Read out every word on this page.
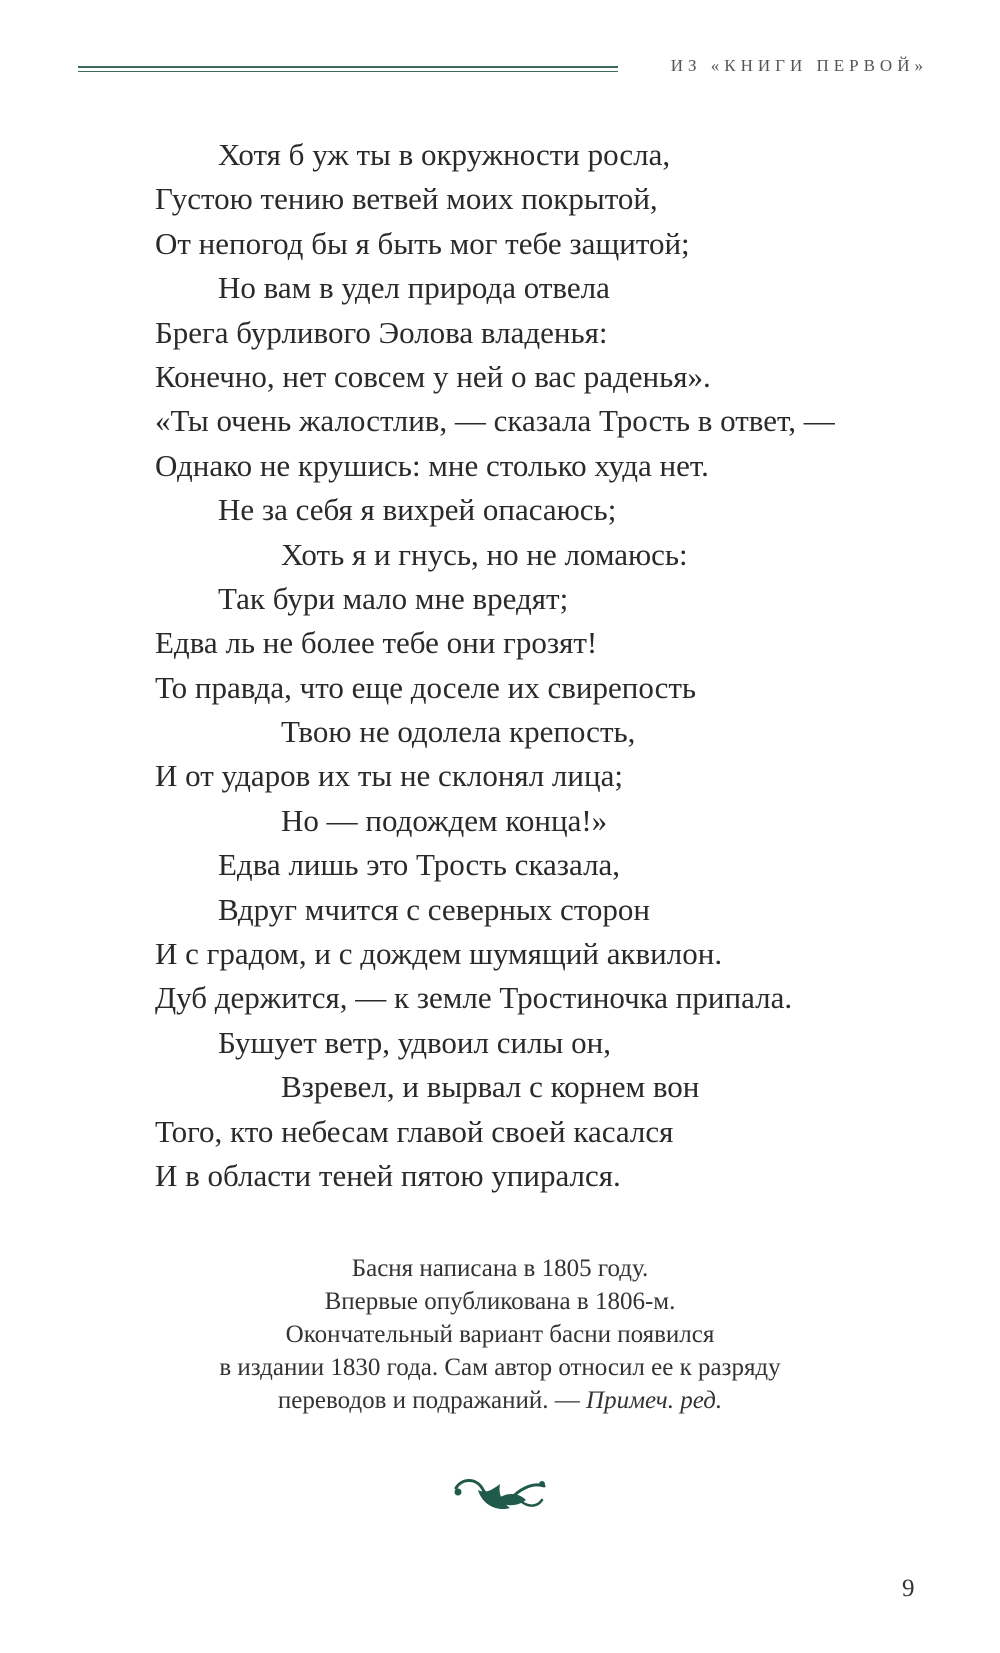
ИЗ «КНИГИ ПЕРВОЙ»
Хотя б уж ты в окружности росла,
Густою тению ветвей моих покрытой,
От непогод бы я быть мог тебе защитой;
Но вам в удел природа отвела
Брега бурливого Эолова владенья:
Конечно, нет совсем у ней о вас раденья».
«Ты очень жалостлив, — сказала Трость в ответ, —
Однако не крушись: мне столько худа нет.
Не за себя я вихрей опасаюсь;
Хоть я и гнусь, но не ломаюсь:
Так бури мало мне вредят;
Едва ль не более тебе они грозят!
То правда, что еще доселе их свирепость
Твою не одолела крепость,
И от ударов их ты не склонял лица;
Но — подождем конца!»
Едва лишь это Трость сказала,
Вдруг мчится с северных сторон
И с градом, и с дождем шумящий аквилон.
Дуб держится, — к земле Тростиночка припала.
Бушует ветр, удвоил силы он,
Взревел, и вырвал с корнем вон
Того, кто небесам главой своей касался
И в области теней пятою упирался.
Басня написана в 1805 году.
Впервые опубликована в 1806-м.
Окончательный вариант басни появился
в издании 1830 года. Сам автор относил ее к разряду
переводов и подражаний. — Примеч. ред.
9
